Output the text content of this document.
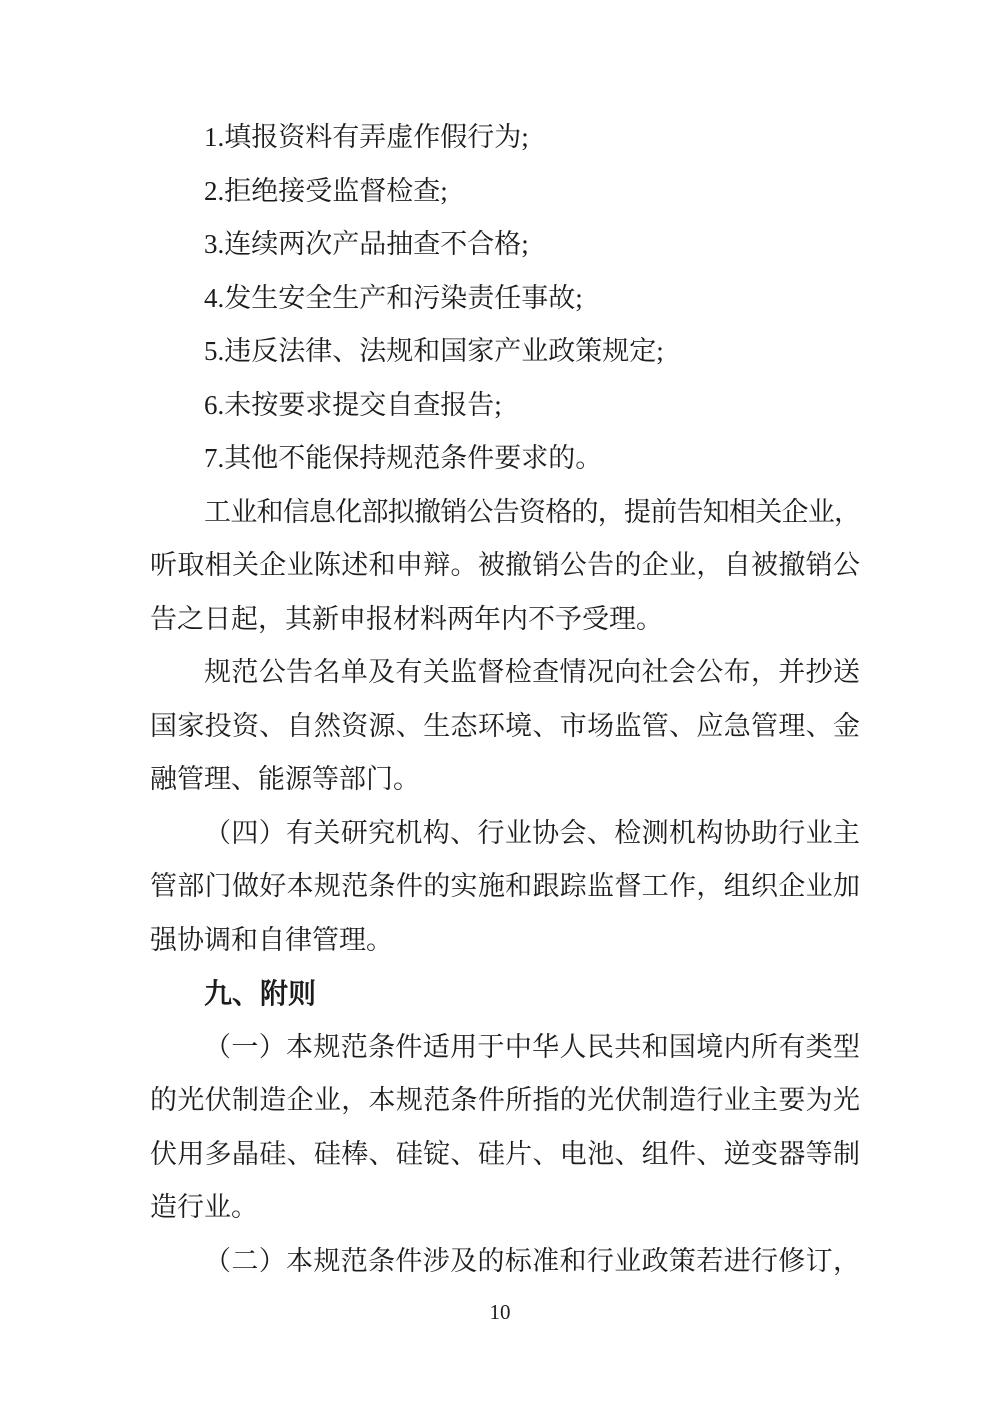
1.填报资料有弄虚作假行为;
2.拒绝接受监督检查;
3.连续两次产品抽查不合格;
4.发生安全生产和污染责任事故;
5.违反法律、法规和国家产业政策规定;
6.未按要求提交自查报告;
7.其他不能保持规范条件要求的。
工业和信息化部拟撤销公告资格的，提前告知相关企业，
听取相关企业陈述和申辩。被撤销公告的企业，自被撤销公
告之日起，其新申报材料两年内不予受理。
规范公告名单及有关监督检查情况向社会公布，并抄送
国家投资、自然资源、生态环境、市场监管、应急管理、金
融管理、能源等部门。
（四）有关研究机构、行业协会、检测机构协助行业主
管部门做好本规范条件的实施和跟踪监督工作，组织企业加
强协调和自律管理。
九、附则
（一）本规范条件适用于中华人民共和国境内所有类型
的光伏制造企业，本规范条件所指的光伏制造行业主要为光
伏用多晶硅、硅棒、硅锭、硅片、电池、组件、逆变器等制
造行业。
（二）本规范条件涉及的标准和行业政策若进行修订，
10
